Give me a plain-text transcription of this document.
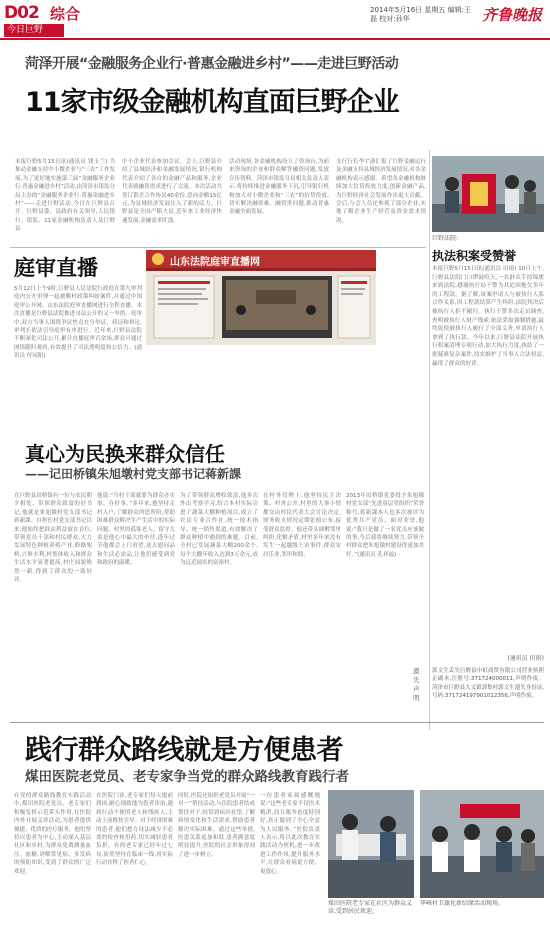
D02 综合
今日巨野
2014年5月16日 星期五 编辑:王磊 校对:孙华	齐鲁晚报
菏泽开展“金融服务企业行·普惠金融进乡村”——走进巨野活动
11家市级金融机构直面巨野企业
本报巨野5月15日讯(通讯员 钱玉兰) 为推动金融支持中小微企业与“三农”工作发展,为了更好地实施第三届“金融服务企业行·普惠金融进乡村”活动,由菏泽市银监分局主办的“金融服务企业行·普惠金融进乡村”——走进巨野活动,今日在巨野县召开。巨野县委、县政府有关领导,人民银行、银监、11家金融机构负责人及巨野县
中小企业代表参加会议。会上,巨野县介绍了县域经济和金融发展情况,银行机构代表介绍了各自的金融产品和服务,企业代表就融资需求进行了交流。本次活动共签订银企合作协议40余份,意向金额15亿元,为县域经济发展注入了新的活力。巨野县是全国产粮大县,近年来工业经济快速发展,金融需求旺盛。
活动现场,各金融机构设立了咨询台,为前来咨询的企业和群众解答融资问题,发放宣传资料。菏泽市银监分局相关负责人表示,将持续推进金融服务下沉,引导银行机构加大对小微企业和“三农”的信贷投放,切实解决融资难、融资贵问题,推动普惠金融全面发展。
支行行长李宇潇汇报了巨野金融运行及金融支持县域经济发展情况,对各金融机构表示感谢。希望各金融机构继续加大信贷投放力度,创新金融产品,为巨野经济社会发展作出更大贡献。会后,与会人员还参观了部分企业,实地了解企业生产经营及资金需求情况。
巨野法院:
执法积案受赞誉
本报巨野5月15日讯(通讯员 田雨) 10日上午,巨野县法院门口锣鼓喧天,一名群众手持锦旗来到法院,感谢执行局干警为其追回拖欠多年的工程款。据了解,该案申请人与被执行人系合作关系,因工程款结算产生纠纷,法院判决后被执行人拒不履行。执行干警多次走访调查,查明被执行人财产线索,依法采取强制措施,最终促使被执行人履行了全部义务,申请执行人拿到了执行款。今年以来,巨野县法院开展执行积案清理专项行动,加大执行力度,执结了一批疑难复杂案件,切实维护了当事人合法权益,赢得了群众的好评。
(通讯员 田雨)
遗失声明
郭文生丢失巨野县中虹商贸有限公司营业执照正副本,注册号:371724000011,声明作废。菏泽市巨野县大义镇郭集村郭文生遗失身份证,号码:371724197901012356,声明作废。
庭审直播	山东法院庭审直播网
5月12日上午9时,巨野县人民法院行政庭在第九审判庭内公开审理一起被赖村政策纠纷案件,并通过中国庭审公开网、山东法院庭审直播网进行全程直播。本次直播是巨野县法院推进司法公开的又一举措。庭审中,双方当事人围绕争议焦点充分举证、质证和辩论,审判长依法引导庭审有序进行。近年来,巨野县法院不断深化司法公开,累计直播庭审百余场,群众可通过网络随时观看,有效提升了司法透明度和公信力。(通讯员 付同阳)
真心为民换来群众信任
——记田桥镇朱旭墩村党支部书记蒋新課
在巨野县田桥镇有一位与农民朝夕相处、带领群众致富的好书记,他就是朱旭墩村党支部书记蒋新課。自担任村党支部书记以来,他始终把群众利益放在首位,带领党员干部和村民群众,大力发展特色种植养殖产业,修路架桥,兴修水利,村集体收入和群众生活水平显著提高,村庄面貌焕然一新,得到了群众的一致好评。
他说:“当村干部就要为群众办实事、办好事。”多年来,他坚持走村入户,了解群众所思所盼,帮助困难群众解决生产生活中的实际问题。村里的孤寡老人、留守儿童是他心中最大的牵挂,逢年过节他都会上门看望,送去慰问品和生活必需品,让他们感受到党和政府的温暖。
为了带领群众增收致富,他多次外出考察学习,结合本村实际引进了蔬菜大棚种植项目,成立了农民专业合作社,统一技术指导、统一销售渠道,有效解决了群众种植中遇到的难题。目前,全村已发展蔬菜大棚200余个,每个大棚年收入达到3万余元,成为远近闻名的富裕村。
在村务管理上,他坚持民主决策、村务公开,村里的大事小情都交由村民代表大会讨论决定,财务收支情况定期张榜公布,接受群众监督。他还带头调解邻里纠纷,化解矛盾,村里多年来没有发生一起越级上访事件,群众安居乐业,邻里和睦。
2013年田桥镇党委授予朱旭墩村党支部“先进基层党组织”荣誉称号,蒋新課本人也多次被评为优秀共产党员。面对荣誉,他说:“我只是做了一名党员应该做的事,今后我将继续努力,带领全村群众把朱旭墩村建设得更加美好。”(通讯员 孔祥福)
践行群众路线就是方便患者
煤田医院老党员、老专家争当党的群众路线教育践行者
在党的群众路线教育实践活动中,煤田医院老党员、老专家们积极发挥示范带头作用,在医院内外开展义诊活动,为患者提供便捷、优质的医疗服务。他们坚持以患者为中心,主动深入基层社区和乡村,为群众免费测量血压、血糖,讲解常见病、多发病的预防知识,受到了群众的广泛欢迎。
在医院门诊,老专家们每天提前到岗,耐心细致地为患者诊治,遇到行动不便的老人和残疾人,主动上前搀扶引导。对于经济困难的患者,他们想方设法减少不必要的检查和用药,切实减轻患者负担。有的老专家已经年过七旬,依然坚持在临床一线,用实际行动诠释了医者仁心。
同时,医院还组织老党员开展“一对一”帮扶活动,与住院患者结成帮扶对子,经常到病房看望,了解病情变化和生活需求,帮助患者解决实际困难。通过这些举措,医患关系更加和谐,患者满意度明显提升,医院的社会形象得到了进一步树立。
一位患者家属感慨地说:“这些老专家不仅医术精湛,而且服务态度特别好,真正做到了全心全意为人民服务。”医院负责人表示,将以此次教育实践活动为契机,进一步改进工作作风,提升服务水平,让群众看病更方便、更放心。
煤田医院老专家在社区为群众义诊,受到居民欢迎。
华峰村卫旗化新结缘活动现场。
